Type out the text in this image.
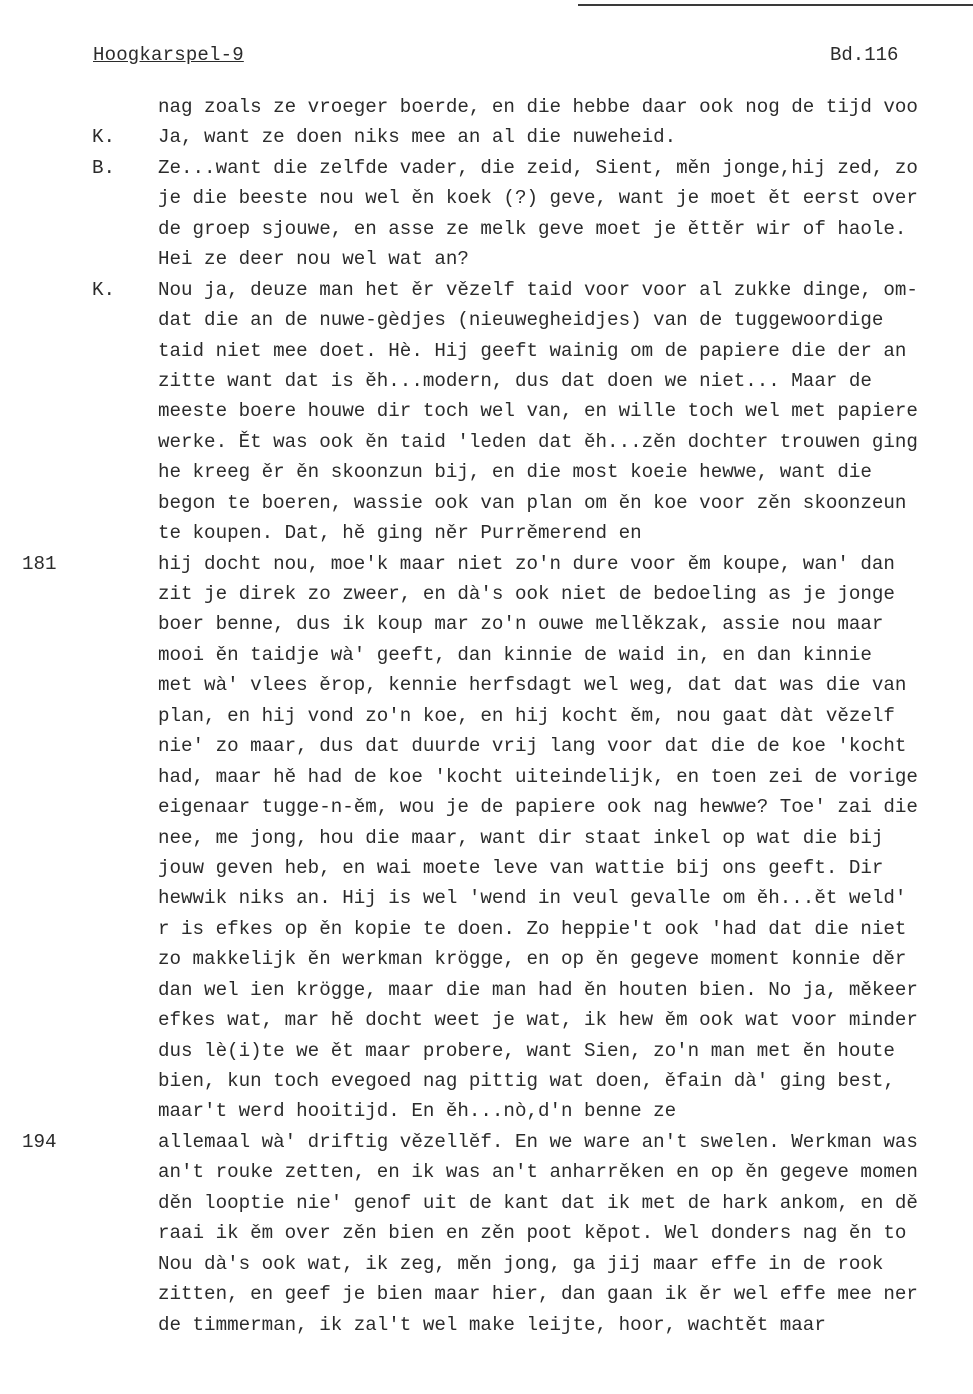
Hoogkarspel-9	Bd.116
nag zoals ze vroeger boerde, en die hebbe daar ook nog de tijd voo
K. Ja, want ze doen niks mee an al die nuweheid.
B. Ze...want die zelfde vader, die zeid, Sient, měn jonge,hij zed, zo
je die beeste nou wel ěn koek (?) geve, want je moet ět eerst over
de groep sjouwe, en asse ze melk geve moet je ěttěr wir of haole.
Hei ze deer nou wel wat an?
K. Nou ja, deuze man het ěr vězelf taid voor voor al zukke dinge, om-
dat die an de nuwe-gèdjes (nieuwegheidjes) van de tuggewoordige
taid niet mee doet. Hè. Hij geeft wainig om de papiere die der an
zitte want dat is ěh...modern, dus dat doen we niet... Maar de
meeste boere houwe dir toch wel van, en wille toch wel met papiere
werke. Ět was ook ěn taid 'leden dat ěh...zěn dochter trouwen ging
he kreeg ěr ěn skoonzun bij, en die most koeie hewwe, want die
begon te boeren, wassie ook van plan om ěn koe voor zěn skoonzeun
te koupen. Dat, hě ging něr Purrěmerend en
181	hij docht nou, moe'k maar niet zo'n dure voor ěm koupe, wan' dan
zit je direk zo zweer, en dà's ook niet de bedoeling as je jonge
boer benne, dus ik koup mar zo'n ouwe mellěkzak, assie nou maar
mooi ěn taidje wà' geeft, dan kinnie de waid in, en dan kinnie
met wà' vlees ěrop, kennie herfsdagt wel weg, dat dat was die van
plan, en hij vond zo'n koe, en hij kocht ěm, nou gaat dàt vězelf
nie' zo maar, dus dat duurde vrij lang voor dat die de koe 'kocht
had, maar hě had de koe 'kocht uiteindelijk, en toen zei de vorige
eigenaar tugge-n-ěm, wou je de papiere ook nag hewwe? Toe' zai die
nee, me jong, hou die maar, want dir staat inkel op wat die bij
jouw geven heb, en wai moete leve van wattie bij ons geeft. Dir
hewwik niks an. Hij is wel 'wend in veul gevalle om ěh...ět weld'
r is efkes op ěn kopie te doen. Zo heppie't ook 'had dat die niet
zo makkelijk ěn werkman krögge, en op ěn gegeve moment konnie děr
dan wel ien krögge, maar die man had ěn houten bien. No ja, měkeer
efkes wat, mar hě docht weet je wat, ik hew ěm ook wat voor minder
dus lè(i)te we ět maar probere, want Sien, zo'n man met ěn houte
bien, kun toch evegoed nag pittig wat doen, ěfain dà' ging best,
maar't werd hooitijd. En ěh...nò,d'n benne ze
194	allemaal wà' driftig vězellěf. En we ware an't swelen. Werkman was
an't rouke zetten, en ik was an't anharrěken en op ěn gegeve momen
děn looptie nie' genof uit de kant dat ik met de hark ankom, en dě
raai ik ěm over zěn bien en zěn poot kěpot. Wel donders nag ěn to
Nou dà's ook wat, ik zeg, měn jong, ga jij maar effe in de rook
zitten, en geef je bien maar hier, dan gaan ik ěr wel effe mee ner
de timmerman, ik zal't wel make leijte, hoor, wachtět maar
